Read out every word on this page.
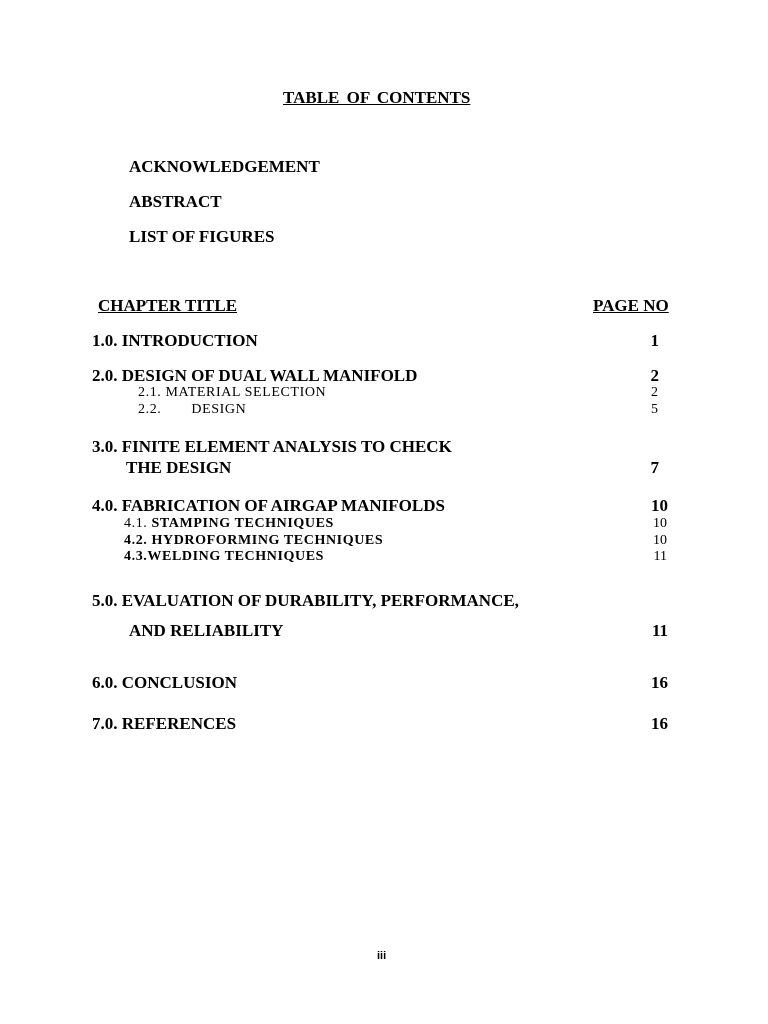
TABLE OF CONTENTS
ACKNOWLEDGEMENT
ABSTRACT
LIST OF FIGURES
CHAPTER TITLE	PAGE NO
1.0. INTRODUCTION	1
2.0. DESIGN OF DUAL WALL MANIFOLD	2
2.1. MATERIAL SELECTION	2
2.2. DESIGN	5
3.0. FINITE ELEMENT ANALYSIS TO CHECK
THE DESIGN	7
4.0. FABRICATION OF AIRGAP MANIFOLDS	10
4.1. STAMPING TECHNIQUES	10
4.2. HYDROFORMING TECHNIQUES	10
4.3.WELDING TECHNIQUES	11
5.0. EVALUATION OF DURABILITY, PERFORMANCE,
AND RELIABILITY	11
6.0. CONCLUSION	16
7.0. REFERENCES	16
iii
